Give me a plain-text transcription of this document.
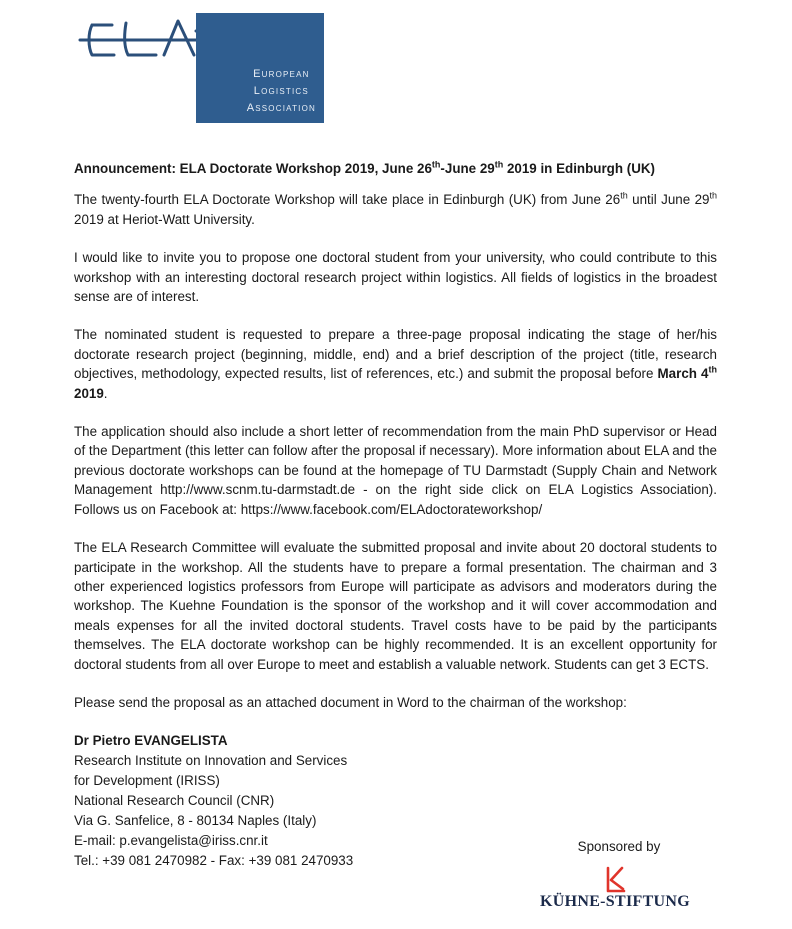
European
Logistics
Association

Announcement: ELA Doctorate Workshop 2019, June 26th-June 29th 2019 in Edinburgh (UK)

The twenty-fourth ELA Doctorate Workshop will take place in Edinburgh (UK) from June 26th until June 29th 2019 at Heriot-Watt University.

I would like to invite you to propose one doctoral student from your university, who could contribute to this workshop with an interesting doctoral research project within logistics. All fields of logistics in the broadest sense are of interest.

The nominated student is requested to prepare a three-page proposal indicating the stage of her/his doctorate research project (beginning, middle, end) and a brief description of the project (title, research objectives, methodology, expected results, list of references, etc.) and submit the proposal before March 4th 2019.

The application should also include a short letter of recommendation from the main PhD supervisor or Head of the Department (this letter can follow after the proposal if necessary). More information about ELA and the previous doctorate workshops can be found at the homepage of TU Darmstadt (Supply Chain and Network Management http://www.scnm.tu-darmstadt.de - on the right side click on ELA Logistics Association). Follows us on Facebook at: https://www.facebook.com/ELAdoctorateworkshop/

The ELA Research Committee will evaluate the submitted proposal and invite about 20 doctoral students to participate in the workshop. All the students have to prepare a formal presentation. The chairman and 3 other experienced logistics professors from Europe will participate as advisors and moderators during the workshop. The Kuehne Foundation is the sponsor of the workshop and it will cover accommodation and meals expenses for all the invited doctoral students. Travel costs have to be paid by the participants themselves. The ELA doctorate workshop can be highly recommended. It is an excellent opportunity for doctoral students from all over Europe to meet and establish a valuable network. Students can get 3 ECTS.

Please send the proposal as an attached document in Word to the chairman of the workshop:

Dr Pietro EVANGELISTA
Research Institute on Innovation and Services
for Development (IRISS)
National Research Council (CNR)
Via G. Sanfelice, 8 - 80134 Naples (Italy)
E-mail: p.evangelista@iriss.cnr.it
Tel.: +39 081 2470982 - Fax: +39 081 2470933
Sponsored by
KÜHNE-STIFTUNG
